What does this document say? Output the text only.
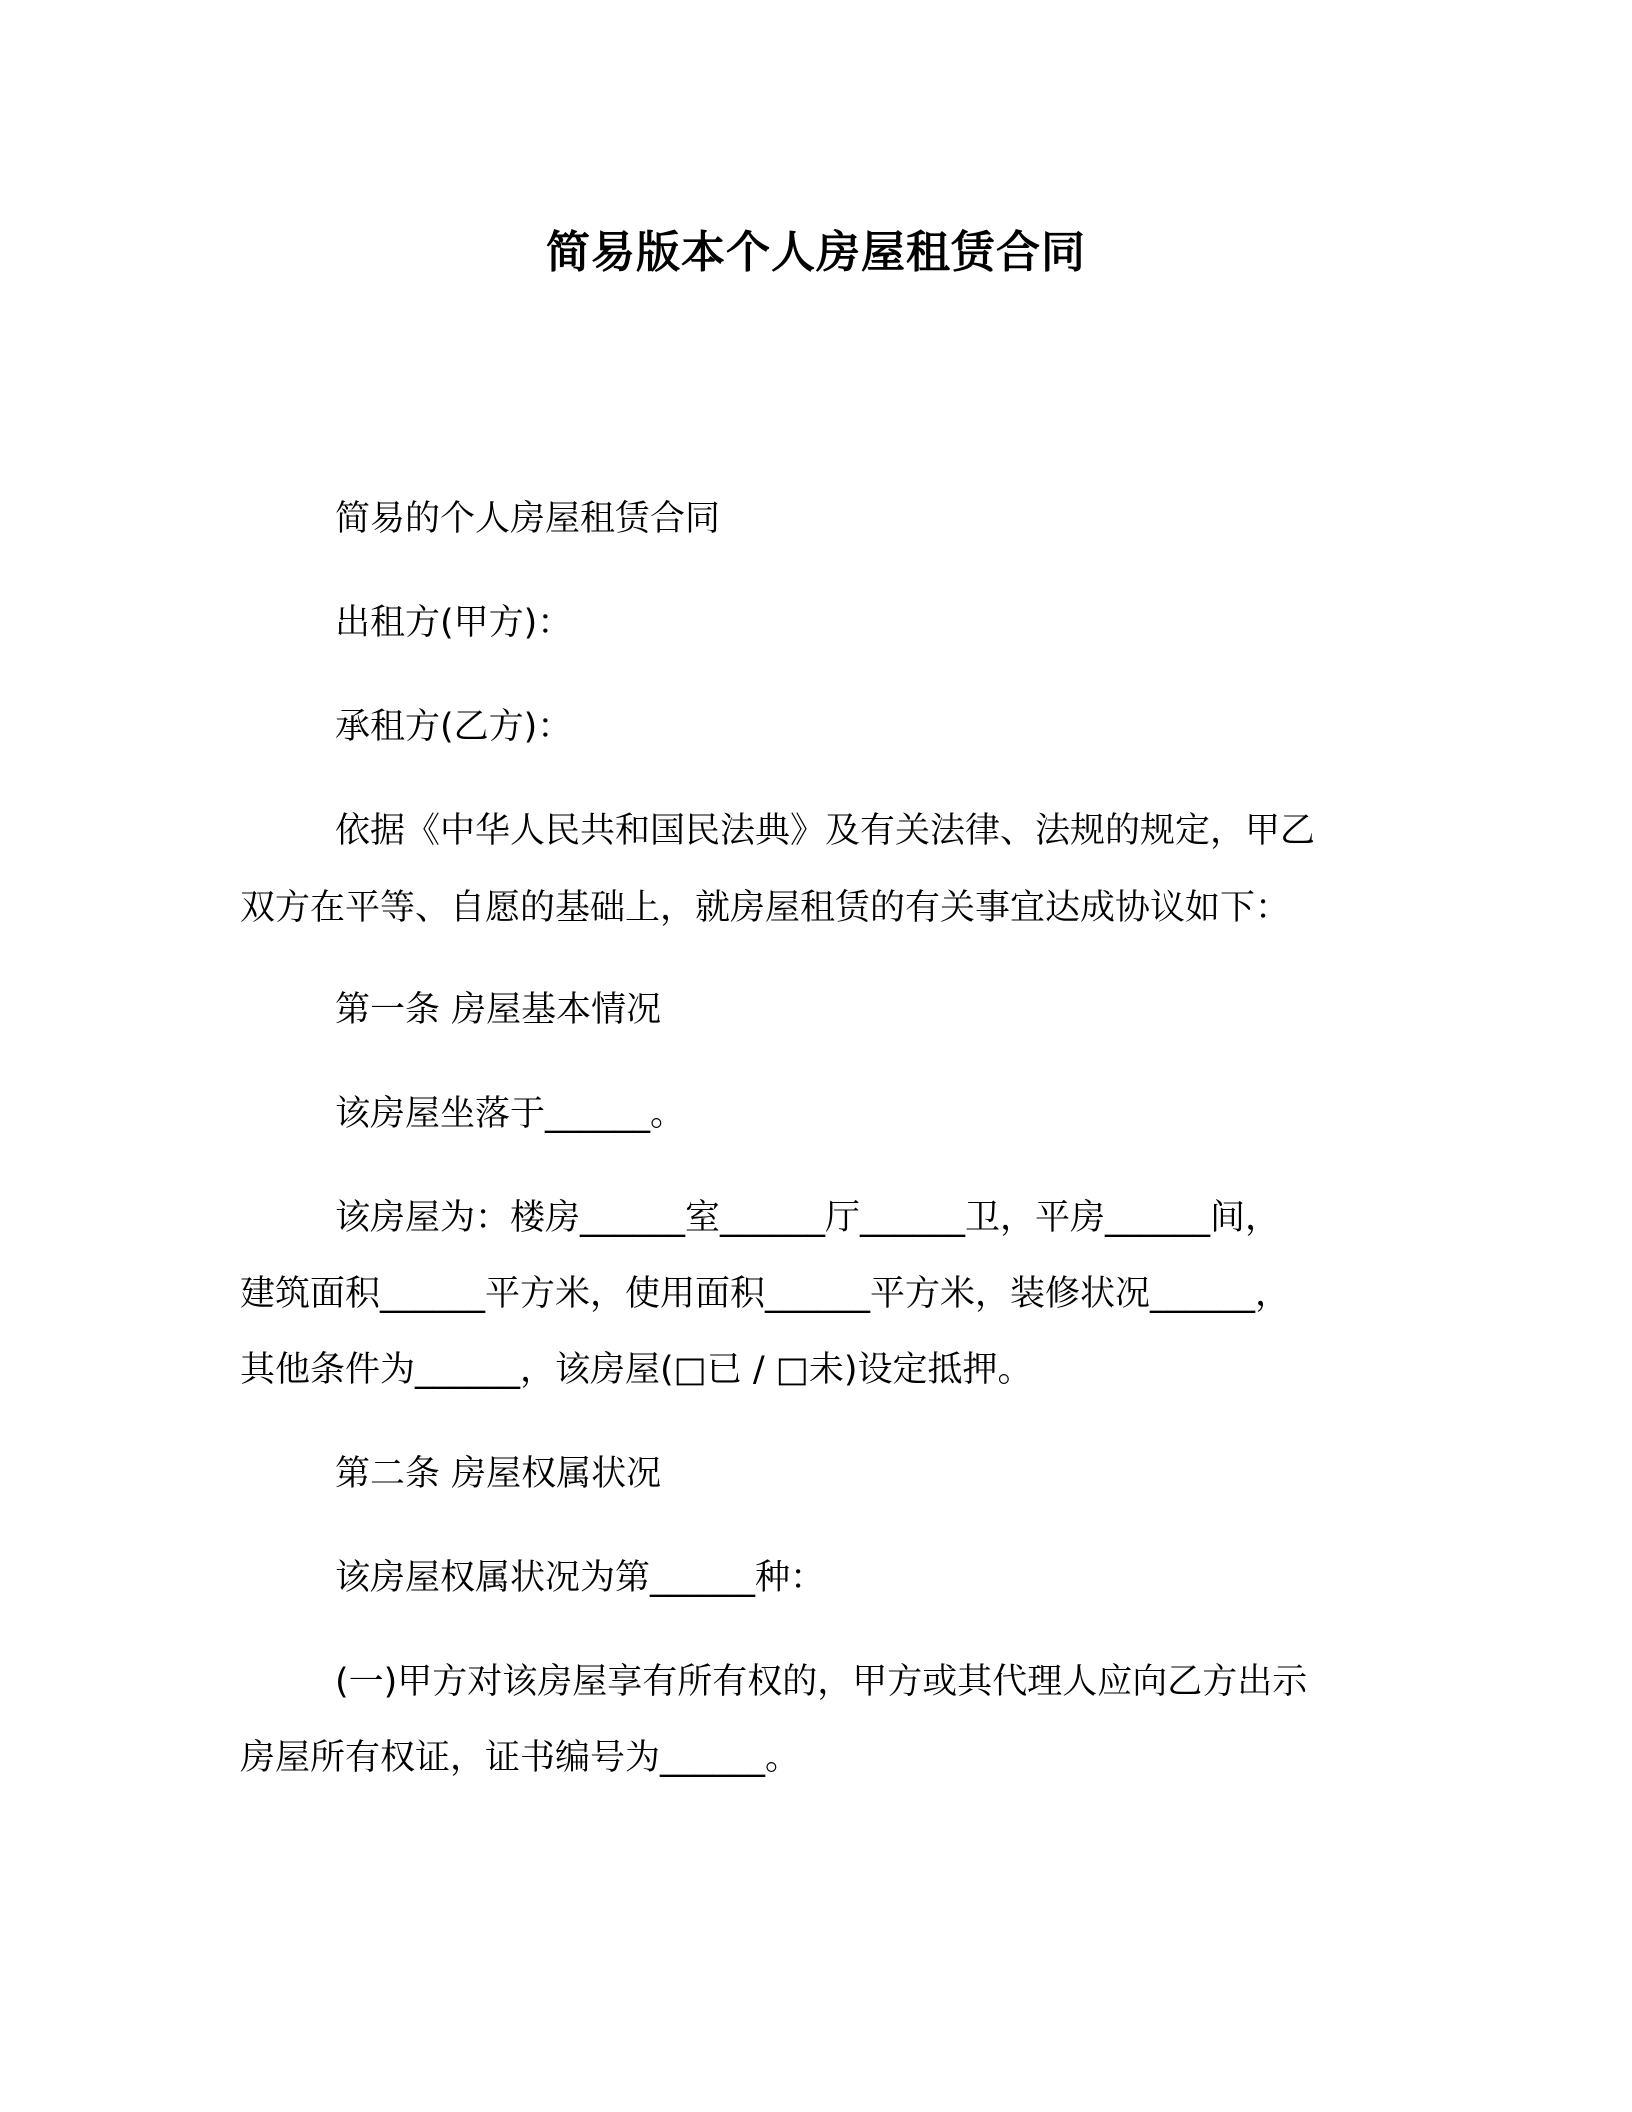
简易版本个人房屋租赁合同
简易的个人房屋租赁合同
出租方(甲方)：
承租方(乙方)：
依据《中华人民共和国民法典》及有关法律、法规的规定，甲乙
双方在平等、自愿的基础上，就房屋租赁的有关事宜达成协议如下：
第一条 房屋基本情况
该房屋坐落于______。
该房屋为：楼房______室______厅______卫，平房______间，
建筑面积______平方米，使用面积______平方米，装修状况______，
其他条件为______，该房屋(□已 / □未)设定抵押。
第二条 房屋权属状况
该房屋权属状况为第______种：
(一)甲方对该房屋享有所有权的，甲方或其代理人应向乙方出示
房屋所有权证，证书编号为______。
